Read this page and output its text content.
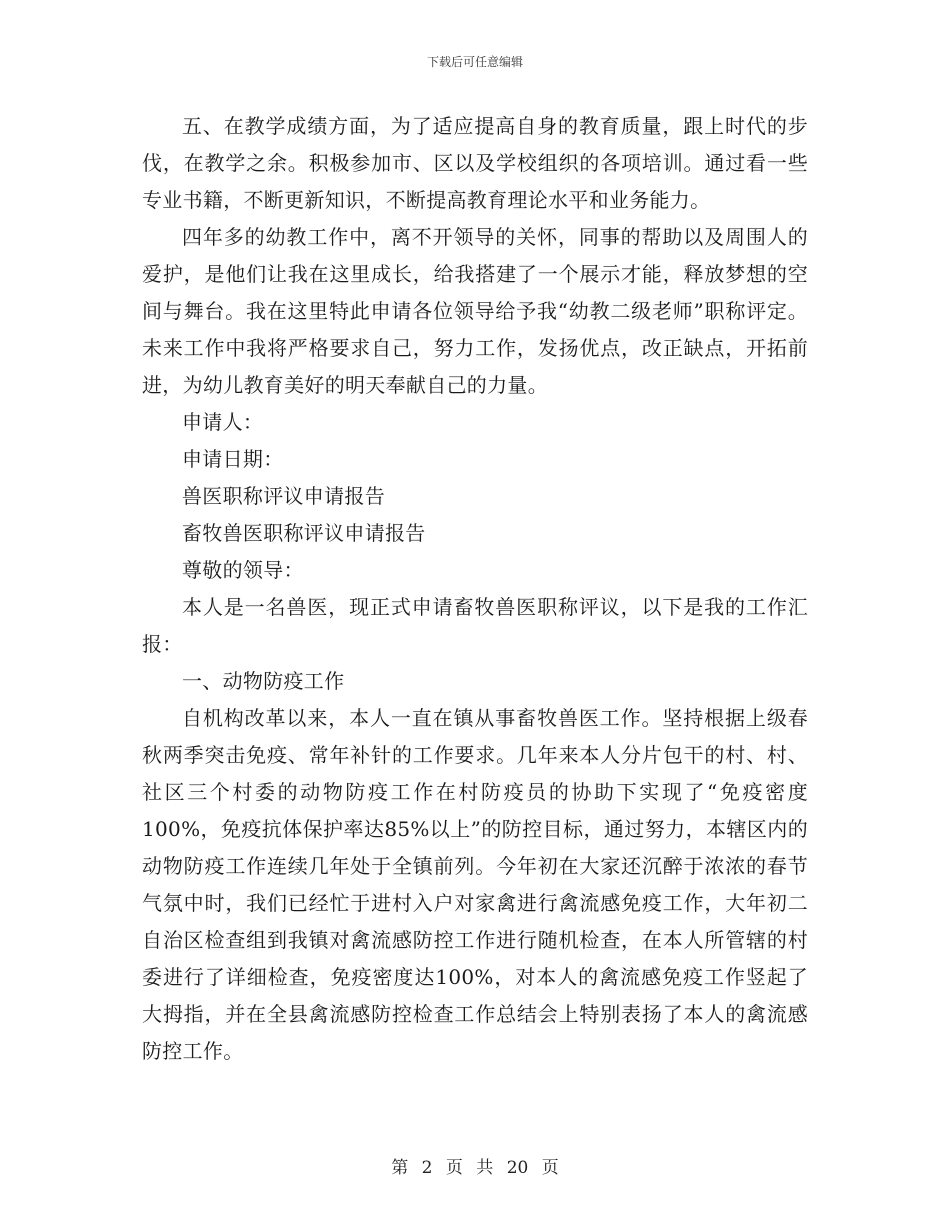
下载后可任意编辑

五、在教学成绩方面，为了适应提高自身的教育质量，跟上时代的步伐，在教学之余。积极参加市、区以及学校组织的各项培训。通过看一些专业书籍，不断更新知识，不断提高教育理论水平和业务能力。

四年多的幼教工作中，离不开领导的关怀，同事的帮助以及周围人的爱护，是他们让我在这里成长，给我搭建了一个展示才能，释放梦想的空间与舞台。我在这里特此申请各位领导给予我“幼教二级老师”职称评定。未来工作中我将严格要求自己，努力工作，发扬优点，改正缺点，开拓前进，为幼儿教育美好的明天奉献自己的力量。

申请人：

申请日期：

兽医职称评议申请报告

畜牧兽医职称评议申请报告

尊敬的领导：

本人是一名兽医，现正式申请畜牧兽医职称评议，以下是我的工作汇报：

一、动物防疫工作

自机构改革以来，本人一直在镇从事畜牧兽医工作。坚持根据上级春秋两季突击免疫、常年补针的工作要求。几年来本人分片包干的村、村、社区三个村委的动物防疫工作在村防疫员的协助下实现了“免疫密度100%，免疫抗体保护率达85%以上”的防控目标，通过努力，本辖区内的动物防疫工作连续几年处于全镇前列。今年初在大家还沉醉于浓浓的春节气氛中时，我们已经忙于进村入户对家禽进行禽流感免疫工作，大年初二自治区检查组到我镇对禽流感防控工作进行随机检查，在本人所管辖的村委进行了详细检查，免疫密度达100%，对本人的禽流感免疫工作竖起了大拇指，并在全县禽流感防控检查工作总结会上特别表扬了本人的禽流感防控工作。

第 2 页 共 20 页
